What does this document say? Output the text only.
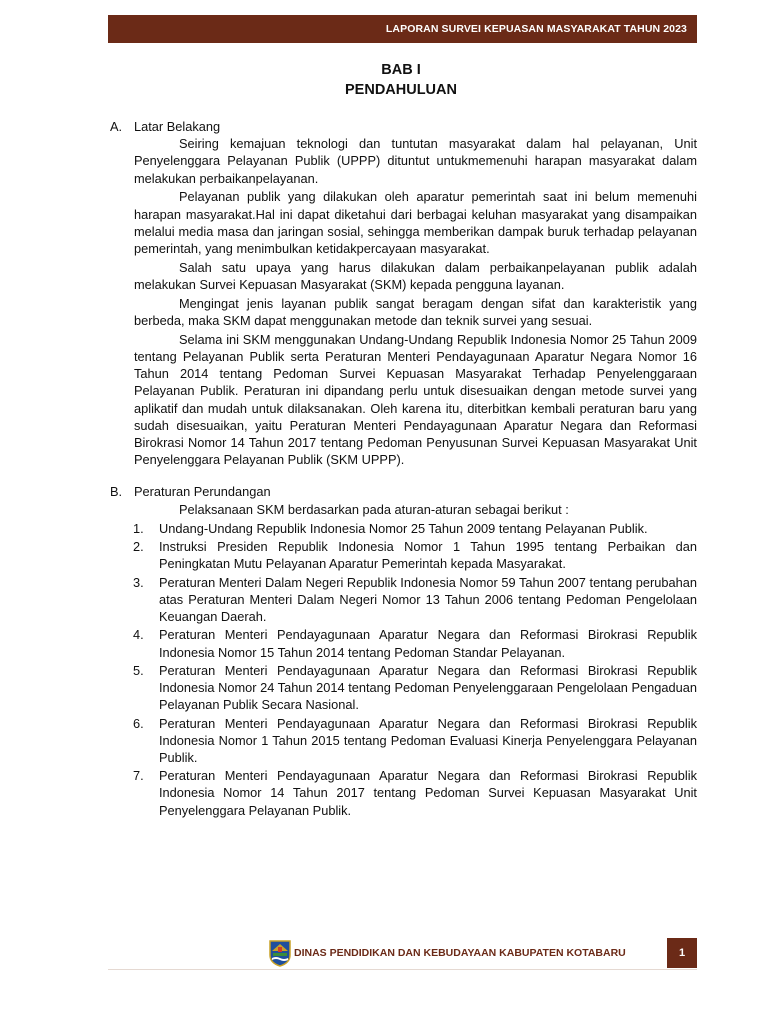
LAPORAN SURVEI KEPUASAN MASYARAKAT TAHUN 2023
BAB I
PENDAHULUAN
A. Latar Belakang
Seiring kemajuan teknologi dan tuntutan masyarakat dalam hal pelayanan, Unit Penyelenggara Pelayanan Publik (UPPP) dituntut untukmemenuhi harapan masyarakat dalam melakukan perbaikanpelayanan.
Pelayanan publik yang dilakukan oleh aparatur pemerintah saat ini belum memenuhi harapan masyarakat.Hal ini dapat diketahui dari berbagai keluhan masyarakat yang disampaikan melalui media masa dan jaringan sosial, sehingga memberikan dampak buruk terhadap pelayanan pemerintah, yang menimbulkan ketidakpercayaan masyarakat.
Salah satu upaya yang harus dilakukan dalam perbaikanpelayanan publik adalah melakukan Survei Kepuasan Masyarakat (SKM) kepada pengguna layanan.
Mengingat jenis layanan publik sangat beragam dengan sifat dan karakteristik yang berbeda, maka SKM dapat menggunakan metode dan teknik survei yang sesuai.
Selama ini SKM menggunakan Undang-Undang Republik Indonesia Nomor 25 Tahun 2009 tentang Pelayanan Publik serta Peraturan Menteri Pendayagunaan Aparatur Negara Nomor 16 Tahun 2014 tentang Pedoman Survei Kepuasan Masyarakat Terhadap Penyelenggaraan Pelayanan Publik. Peraturan ini dipandang perlu untuk disesuaikan dengan metode survei yang aplikatif dan mudah untuk dilaksanakan. Oleh karena itu, diterbitkan kembali peraturan baru yang sudah disesuaikan, yaitu Peraturan Menteri Pendayagunaan Aparatur Negara dan Reformasi Birokrasi Nomor 14 Tahun 2017 tentang Pedoman Penyusunan Survei Kepuasan Masyarakat Unit Penyelenggara Pelayanan Publik (SKM UPPP).
B. Peraturan Perundangan
Pelaksanaan SKM berdasarkan pada aturan-aturan sebagai berikut :
1.	Undang-Undang Republik Indonesia Nomor 25 Tahun 2009 tentang Pelayanan Publik.
2.	Instruksi Presiden Republik Indonesia Nomor 1 Tahun 1995 tentang Perbaikan dan Peningkatan Mutu Pelayanan Aparatur Pemerintah kepada Masyarakat.
3.	Peraturan Menteri Dalam Negeri Republik Indonesia Nomor 59 Tahun 2007 tentang perubahan atas Peraturan Menteri Dalam Negeri Nomor 13 Tahun 2006 tentang Pedoman Pengelolaan Keuangan Daerah.
4.	Peraturan Menteri Pendayagunaan Aparatur Negara dan Reformasi Birokrasi Republik Indonesia Nomor 15 Tahun 2014 tentang Pedoman Standar Pelayanan.
5.	Peraturan Menteri Pendayagunaan Aparatur Negara dan Reformasi Birokrasi Republik Indonesia Nomor 24 Tahun 2014 tentang Pedoman Penyelenggaraan Pengelolaan Pengaduan Pelayanan Publik Secara Nasional.
6.	Peraturan Menteri Pendayagunaan Aparatur Negara dan Reformasi Birokrasi Republik Indonesia Nomor 1 Tahun 2015 tentang Pedoman Evaluasi Kinerja Penyelenggara Pelayanan Publik.
7.	Peraturan Menteri Pendayagunaan Aparatur Negara dan Reformasi Birokrasi Republik Indonesia Nomor 14 Tahun 2017 tentang Pedoman Survei Kepuasan Masyarakat Unit Penyelenggara Pelayanan Publik.
DINAS PENDIDIKAN DAN KEBUDAYAAN KABUPATEN KOTABARU	1
